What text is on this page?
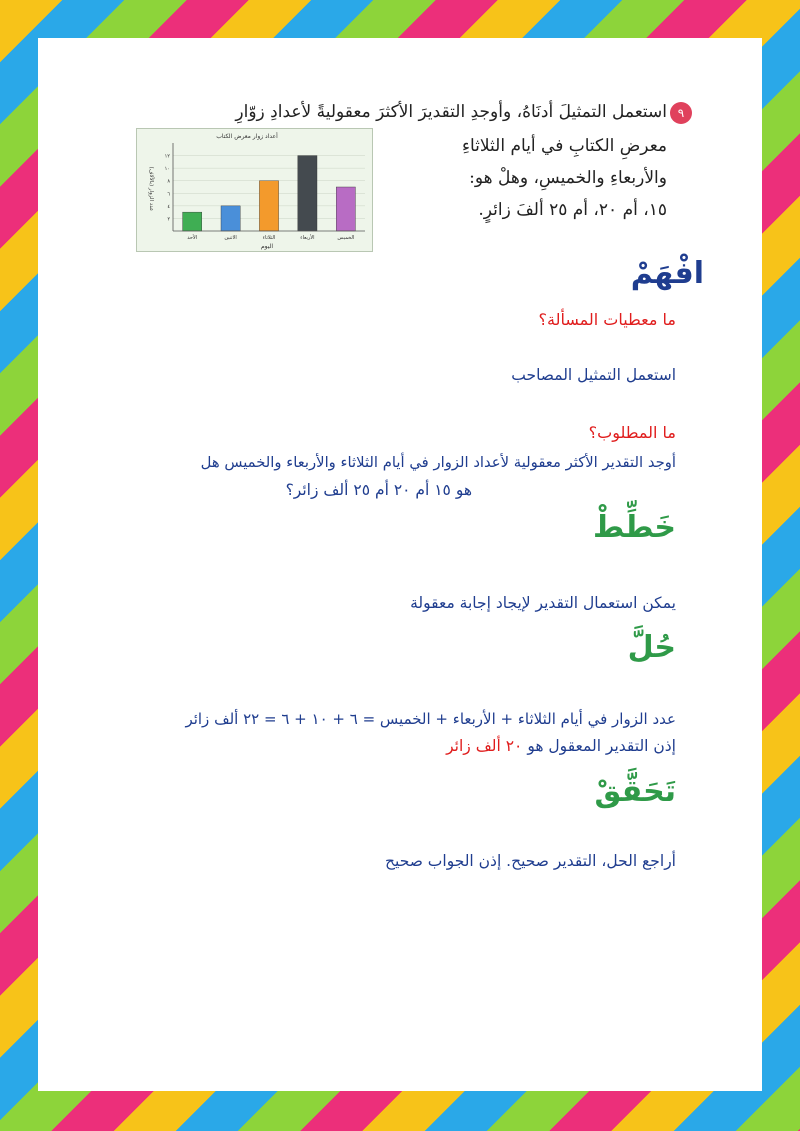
٩
استعمل التمثيلَ أدنَاهُ، وأوجدِ التقديرَ الأكثرَ معقوليةً لأعدادِ زوّارِ
معرضِ الكتابِ في أيام الثلاثاءِ
والأربعاءِ والخميسِ، وهلْ هو:
١٥، أم ٢٠، أم ٢٥ ألفَ زائرٍ.
أعداد زوار معرض الكتاب
عدد الزوار (بالآلاف)
اليوم
الأحد	الاثنين	الثلاثاء	الأربعاء	الخميس
٢
٤
٦
٨
١٠
١٢
افْهَمْ
ما معطيات المسألة؟
استعمل التمثيل المصاحب
ما المطلوب؟
أوجد التقدير الأكثر معقولية لأعداد الزوار في أيام الثلاثاء والأربعاء والخميس هل
هو ١٥ أم ٢٠ أم ٢٥ ألف زائر؟
خَطِّطْ
يمكن استعمال التقدير لإيجاد إجابة معقولة
حُلَّ
عدد الزوار في أيام الثلاثاء + الأربعاء + الخميس = ٦ + ١٠ + ٦ = ٢٢ ألف زائر
إذن التقدير المعقول هو ٢٠ ألف زائر
تَحَقَّقْ
أراجع الحل، التقدير صحيح. إذن الجواب صحيح
